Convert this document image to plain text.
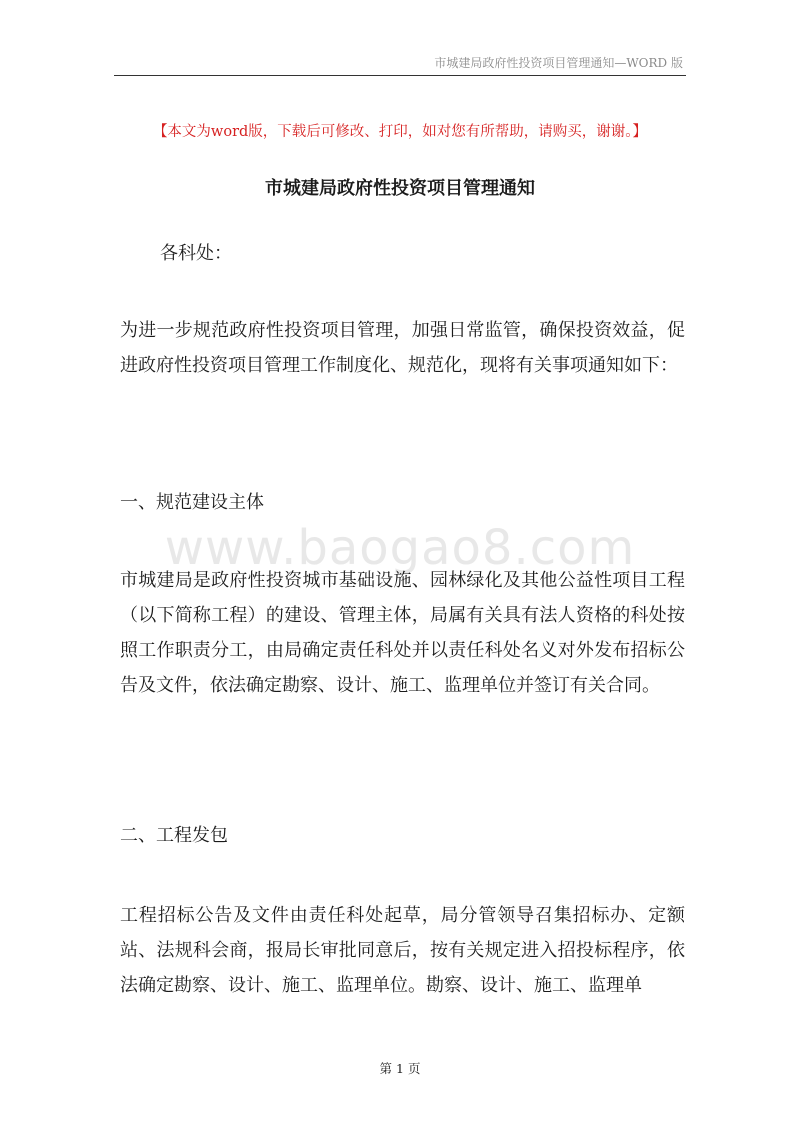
市城建局政府性投资项目管理通知—WORD 版
【本文为word版，下载后可修改、打印，如对您有所帮助，请购买，谢谢。】
市城建局政府性投资项目管理通知
各科处：
为进一步规范政府性投资项目管理，加强日常监管，确保投资效益，促进政府性投资项目管理工作制度化、规范化，现将有关事项通知如下：
一、规范建设主体
www.baogao8.com
市城建局是政府性投资城市基础设施、园林绿化及其他公益性项目工程（以下简称工程）的建设、管理主体，局属有关具有法人资格的科处按照工作职责分工，由局确定责任科处并以责任科处名义对外发布招标公告及文件，依法确定勘察、设计、施工、监理单位并签订有关合同。
二、工程发包
工程招标公告及文件由责任科处起草，局分管领导召集招标办、定额站、法规科会商，报局长审批同意后，按有关规定进入招投标程序，依法确定勘察、设计、施工、监理单位。勘察、设计、施工、监理单
第 1 页
